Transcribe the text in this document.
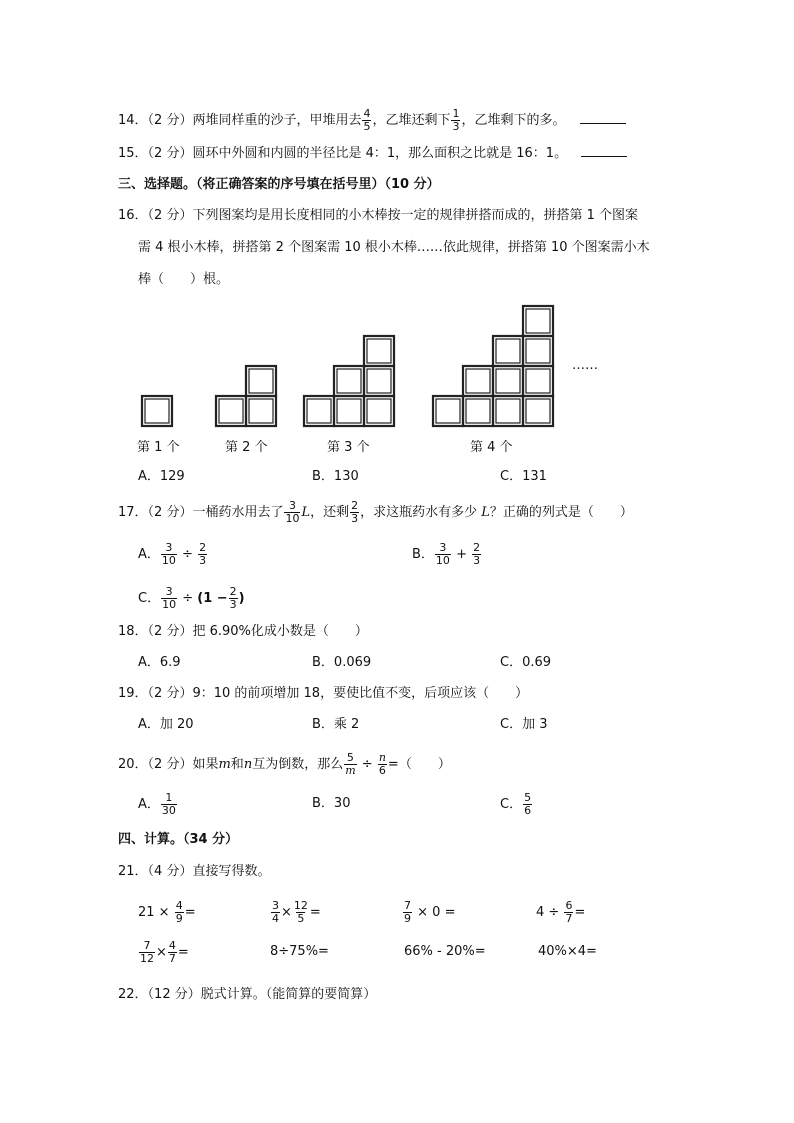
14．（2 分）两堆同样重的沙子，甲堆用去 $\frac{4}{5}$ ，乙堆还剩下 $\frac{1}{3}$ ，乙堆剩下的多。
15．（2 分）圆环中外圆和内圆的半径比是 4：1，那么面积之比就是 16：1。
三、选择题。（将正确答案的序号填在括号里）（10 分）
16．（2 分）下列图案均是用长度相同的小木棒按一定的规律拼搭而成的，拼搭第 1 个图案
需 4 根小木棒，拼搭第 2 个图案需 10 根小木棒……依此规律，拼搭第 10 个图案需小木
棒（　　）根。
……
第 1 个	第 2 个	第 3 个	第 4 个
A．129	B．130	C．131
17．（2 分）一桶药水用去了 $\frac{3}{10}$ L，还剩 $\frac{2}{3}$ ，求这瓶药水有多少 L？正确的列式是（　　）
A． $\frac{3}{10} \div \frac{2}{3}$	B． $\frac{3}{10} + \frac{2}{3}$
C． $\frac{3}{10} \div (1 - \frac{2}{3}$ )
18．（2 分）把 6.90%化成小数是（　　）
A．6.9	B．0.069	C．0.69
19．（2 分）9：10 的前项增加 18，要使比值不变，后项应该（　　）
A．加 20	B．乘 2	C．加 3
20．（2 分）如果m和n互为倒数，那么 $\frac{5}{m} \div \frac{n}{6}$ =（　　）
A． $\frac{1}{30}$	B．30	C． $\frac{5}{6}$
四、计算。（34 分）
21．（4 分）直接写得数。
$21 \times \frac{4}{9}$ =	$\frac{3}{4} \times \frac{12}{5}$ =	$\frac{7}{9} \times 0$ =	$4 \div \frac{6}{7}$ =
$\frac{7}{12} \times \frac{4}{7}$ =	8÷75%=	66% - 20%=	40%×4=
22．（12 分）脱式计算。（能简算的要简算）
